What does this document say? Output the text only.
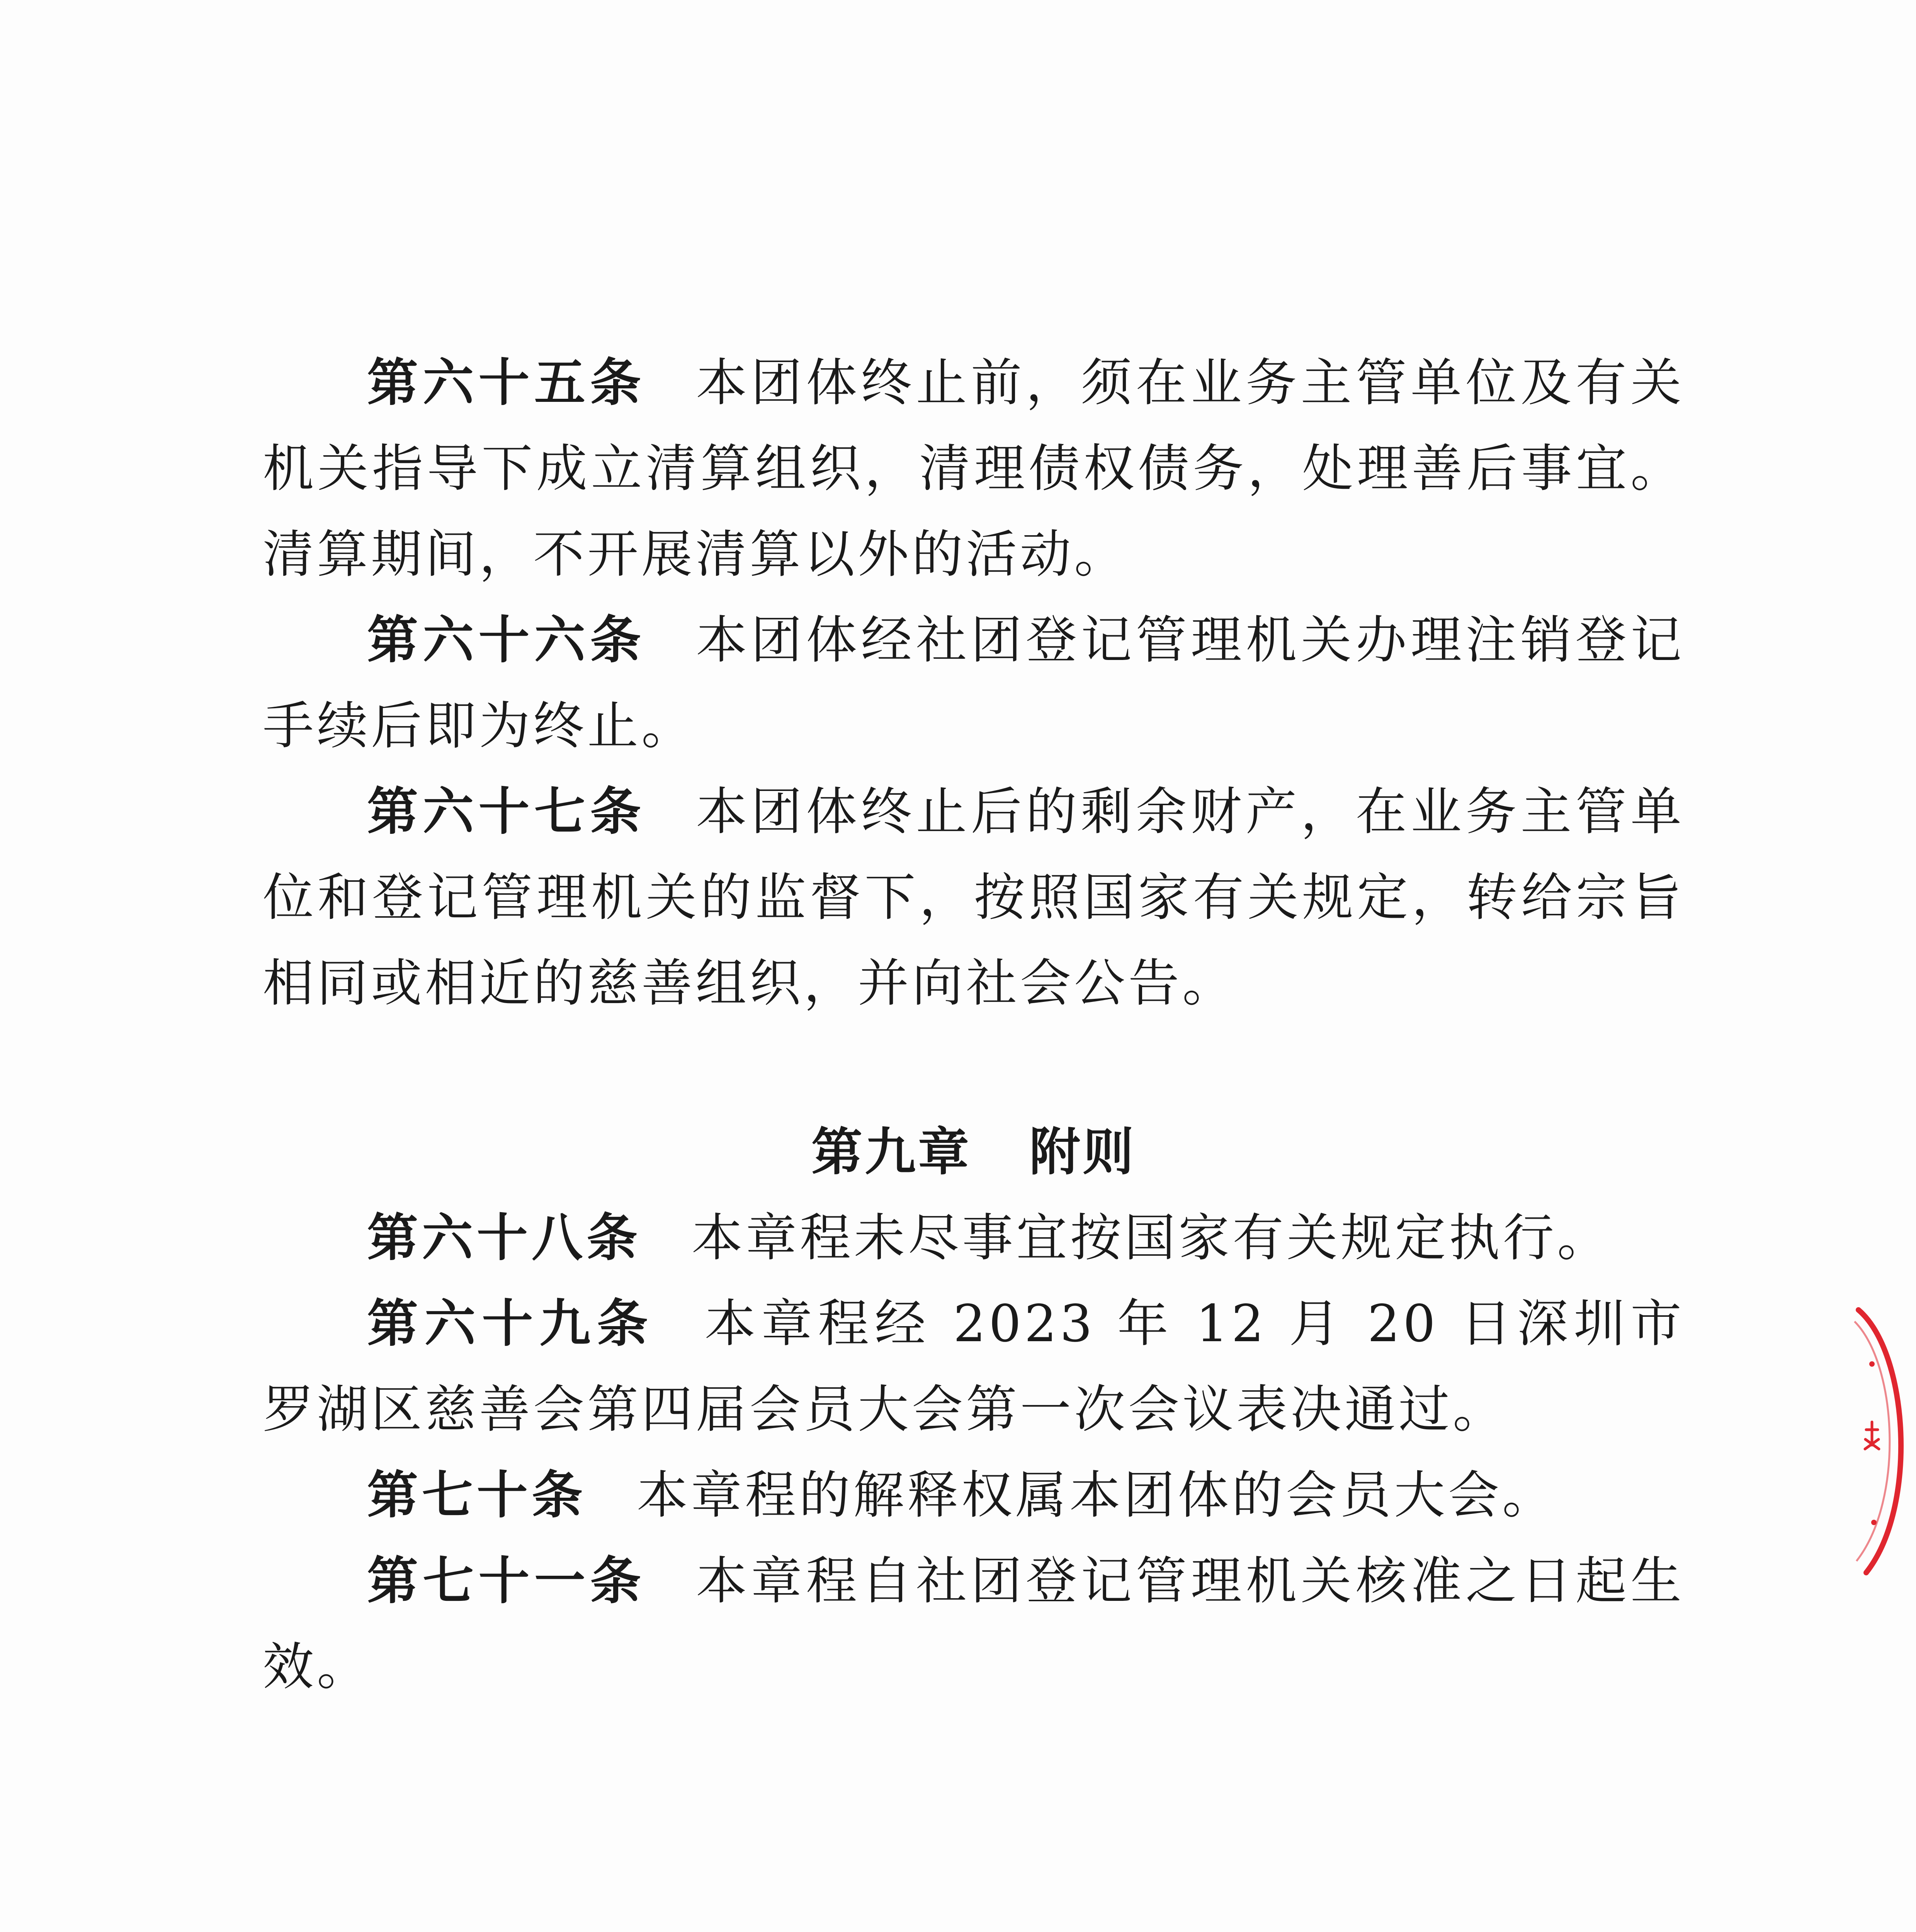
第六十五条 本团体终止前，须在业务主管单位及有关机关指导下成立清算组织，清理债权债务，处理善后事宜。清算期间，不开展清算以外的活动。

第六十六条 本团体经社团登记管理机关办理注销登记手续后即为终止。

第六十七条 本团体终止后的剩余财产，在业务主管单位和登记管理机关的监督下，按照国家有关规定，转给宗旨相同或相近的慈善组织，并向社会公告。

第九章 附则

第六十八条 本章程未尽事宜按国家有关规定执行。

第六十九条 本章程经 2023 年 12 月 20 日深圳市罗湖区慈善会第四届会员大会第一次会议表决通过。

第七十条 本章程的解释权属本团体的会员大会。

第七十一条 本章程自社团登记管理机关核准之日起生效。
